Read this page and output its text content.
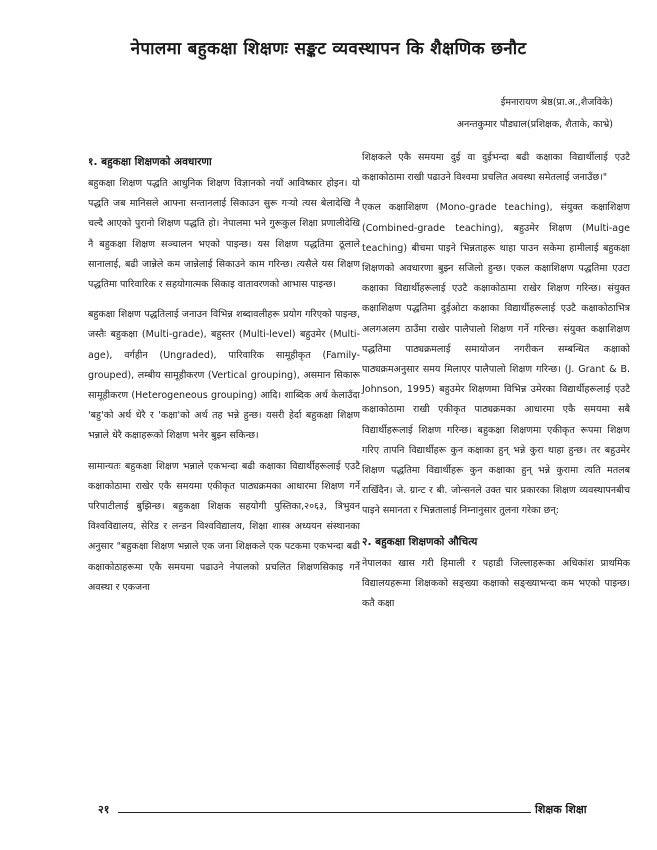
नेपालमा बहुकक्षा शिक्षणः सङ्कट व्यवस्थापन कि शैक्षणिक छनौट
ईमनारायण श्रेष्ठ(प्रा.अ.,शैजविके)
अनन्तकुमार पौड्याल(प्रशिक्षक, शैताके, काभ्रे)
१. बहुकक्षा शिक्षणको अवधारणा

बहुकक्षा शिक्षण पद्धति आधुनिक शिक्षण विज्ञानको नयाँ आविष्कार होइन। यो पद्धति जब मानिसले आफ्ना सन्तानलाई सिकाउन सुरू गर्‍यो त्यस बेलादेखि नै चल्दै आएको पुरानो शिक्षण पद्धति हो। नेपालमा भने गुरूकुल शिक्षा प्रणालीदेखि नै बहुकक्षा शिक्षण सञ्चालन भएको पाइन्छ। यस शिक्षण पद्धतिमा ठूलाले सानालाई, बढी जान्नेले कम जान्नेलाई सिकाउने काम गरिन्छ। त्यसैले यस शिक्षण पद्धतिमा पारिवारिक र सहयोगात्मक सिकाइ वातावरणको आभास पाइन्छ।

बहुकक्षा शिक्षण पद्धतिलाई जनाउन विभिन्न शब्दावलीहरू प्रयोग गरिएको पाइन्छ, जस्तैः बहुकक्षा (Multi-grade), बहुस्तर (Multi-level) बहुउमेर (Multi-age), वर्गहीन (Ungraded), पारिवारिक सामूहीकृत (Family-grouped), लम्बीय सामूहीकरण (Vertical grouping), असमान सिकारू सामूहीकरण (Heterogeneous grouping) आदि। शाब्दिक अर्थ केलाउँदा 'बहु'को अर्थ धेरै र 'कक्षा'को अर्थ तह भन्ने हुन्छ। यसरी हेर्दा बहुकक्षा शिक्षण भन्नाले धेरै कक्षाहरूको शिक्षण भनेर बुझ्न सकिन्छ।

सामान्यतः बहुकक्षा शिक्षण भन्नाले एकभन्दा बढी कक्षाका विद्यार्थीहरूलाई एउटै कक्षाकोठामा राखेर एकै समयमा एकीकृत पाठ्यक्रमका आधारमा शिक्षण गर्ने परिपाटीलाई बुझिन्छ। बहुकक्षा शिक्षक सहयोगी पुस्तिका,२०६३, त्रिभुवन विश्वविद्यालय, सेरिड र लन्डन विश्वविद्यालय, शिक्षा शास्त्र अध्ययन संस्थानका अनुसार "बहुकक्षा शिक्षण भन्नाले एक जना शिक्षकले एक पटकमा एकभन्दा बढी कक्षाकोठाहरूमा एकै समयमा पढाउने नेपालको प्रचलित शिक्षणसिकाइ गर्ने अवस्था र एकजना

शिक्षकले एकै समयमा दुई वा दुईभन्दा बढी कक्षाका विद्यार्थीलाई एउटै कक्षाकोठामा राखी पढाउने विश्वमा प्रचलित अवस्था समेतलाई जनाउँछ।"

एकल कक्षाशिक्षण (Mono-grade teaching), संयुक्त कक्षाशिक्षण (Combined-grade teaching), बहुउमेर शिक्षण (Multi-age teaching) बीचमा पाइने भिन्नताहरू थाहा पाउन सकेमा हामीलाई बहुकक्षा शिक्षणको अवधारणा बुझ्न सजिलो हुन्छ। एकल कक्षाशिक्षण पद्धतिमा एउटा कक्षाका विद्यार्थीहरूलाई एउटै कक्षाकोठामा राखेर शिक्षण गरिन्छ। संयुक्त कक्षाशिक्षण पद्धतिमा दुईओटा कक्षाका विद्यार्थीहरूलाई एउटै कक्षाकोठाभित्र अलगअलग ठाउँमा राखेर पालैपालो शिक्षण गर्ने गरिन्छ। संयुक्त कक्षाशिक्षण पद्धतिमा पाठ्यक्रमलाई समायोजन नगरीकन सम्बन्धित कक्षाको पाठ्यक्रमअनुसार समय मिलाएर पालैपालो शिक्षण गरिन्छ। (J. Grant & B. Johnson, 1995) बहुउमेर शिक्षणमा विभिन्न उमेरका विद्यार्थीहरूलाई एउटै कक्षाकोठामा राखी एकीकृत पाठ्यक्रमका आधारमा एकै समयमा सबै विद्यार्थीहरूलाई शिक्षण गरिन्छ। बहुकक्षा शिक्षणमा एकीकृत रूपमा शिक्षण गरिए तापनि विद्यार्थीहरू कुन कक्षाका हुन् भन्ने कुरा थाहा हुन्छ। तर बहुउमेर शिक्षण पद्धतिमा विद्यार्थीहरू कुन कक्षाका हुन् भन्ने कुरामा त्यति मतलब राखिँदैन। जे. ग्रान्ट र बी. जोन्सनले उक्त चार प्रकारका शिक्षण व्यवस्थापनबीच पाइने समानता र भिन्नतालाई निम्नानुसार तुलना गरेका छन्:

२. बहुकक्षा शिक्षणको औचित्य

नेपालका खास गरी हिमाली र पहाडी जिल्लाहरूका अधिकांश प्राथमिक विद्यालयहरूमा शिक्षकको सङ्ख्या कक्षाको सङ्ख्याभन्दा कम भएको पाइन्छ। कतै कक्षा

२१	शिक्षक शिक्षा
